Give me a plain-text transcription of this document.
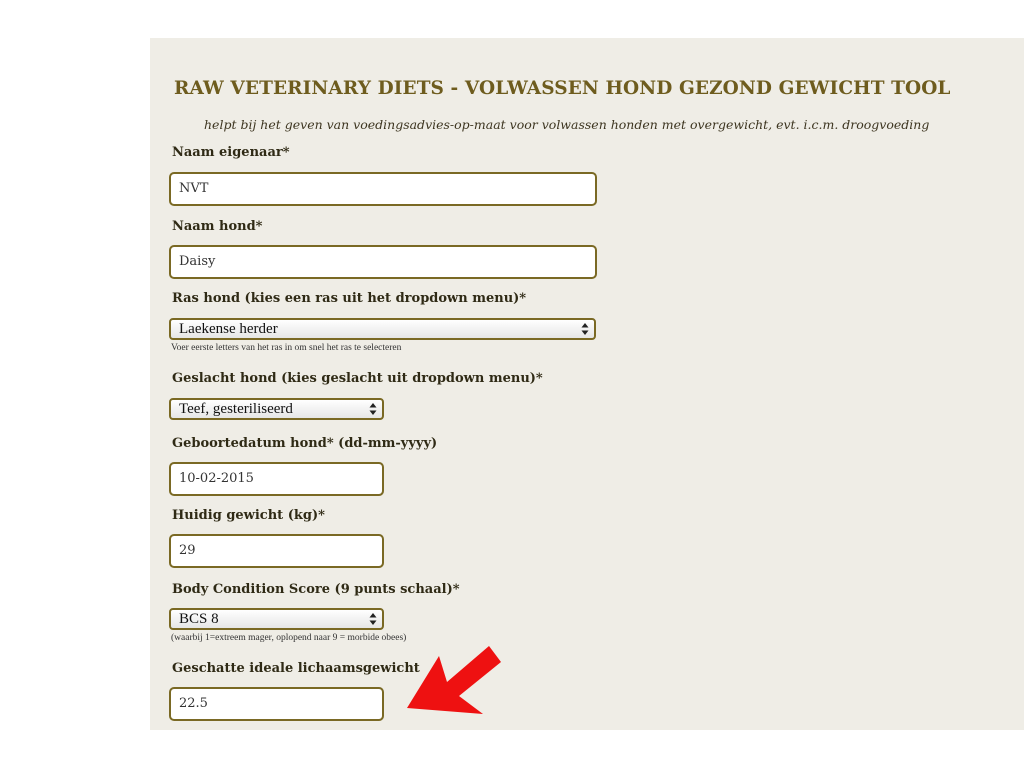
RAW VETERINARY DIETS - VOLWASSEN HOND GEZOND GEWICHT TOOL

helpt bij het geven van voedingsadvies-op-maat voor volwassen honden met overgewicht, evt. i.c.m. droogvoeding

Naam eigenaar*

NVT

Naam hond*

Daisy

Ras hond (kies een ras uit het dropdown menu)*

Laekense herder

Voer eerste letters van het ras in om snel het ras te selecteren

Geslacht hond (kies geslacht uit dropdown menu)*

Teef, gesteriliseerd

Geboortedatum hond* (dd-mm-yyyy)

10-02-2015

Huidig gewicht (kg)*

29

Body Condition Score (9 punts schaal)*

BCS 8

(waarbij 1=extreem mager, oplopend naar 9 = morbide obees)

Geschatte ideale lichaamsgewicht

22.5
